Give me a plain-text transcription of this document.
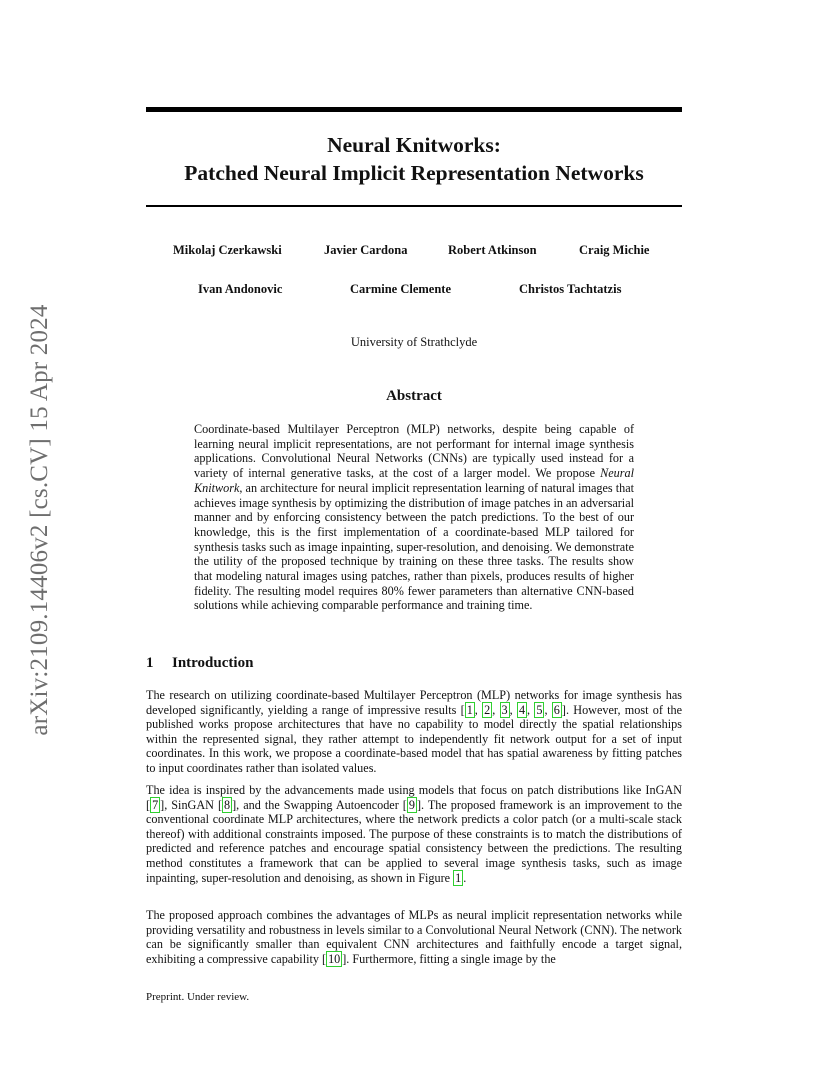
arXiv:2109.14406v2 [cs.CV] 15 Apr 2024
Neural Knitworks:
Patched Neural Implicit Representation Networks
Mikolaj Czerkawski	Javier Cardona	Robert Atkinson	Craig Michie
Ivan Andonovic	Carmine Clemente	Christos Tachtatzis
University of Strathclyde
Abstract

Coordinate-based Multilayer Perceptron (MLP) networks, despite being capable of learning neural implicit representations, are not performant for internal image synthesis applications. Convolutional Neural Networks (CNNs) are typically used instead for a variety of internal generative tasks, at the cost of a larger model. We propose Neural Knitwork, an architecture for neural implicit representation learning of natural images that achieves image synthesis by optimizing the distribution of image patches in an adversarial manner and by enforcing consistency between the patch predictions. To the best of our knowledge, this is the first implementation of a coordinate-based MLP tailored for synthesis tasks such as image inpainting, super-resolution, and denoising. We demonstrate the utility of the proposed technique by training on these three tasks. The results show that modeling natural images using patches, rather than pixels, produces results of higher fidelity. The resulting model requires 80% fewer parameters than alternative CNN-based solutions while achieving comparable performance and training time.

1 Introduction

The research on utilizing coordinate-based Multilayer Perceptron (MLP) networks for image synthesis has developed significantly, yielding a range of impressive results [ 1 , 2 , 3 , 4 , 5 , 6 ]. However, most of the published works propose architectures that have no capability to model directly the spatial relationships within the represented signal, they rather attempt to independently fit network output for a set of input coordinates. In this work, we propose a coordinate-based model that has spatial awareness by fitting patches to input coordinates rather than isolated values.

The idea is inspired by the advancements made using models that focus on patch distributions like InGAN [ 7 ], SinGAN [ 8 ], and the Swapping Autoencoder [ 9 ]. The proposed framework is an improvement to the conventional coordinate MLP architectures, where the network predicts a color patch (or a multi-scale stack thereof) with additional constraints imposed. The purpose of these constraints is to match the distributions of predicted and reference patches and encourage spatial consistency between the predictions. The resulting method constitutes a framework that can be applied to several image synthesis tasks, such as image inpainting, super-resolution and denoising, as shown in Figure 1 .

The proposed approach combines the advantages of MLPs as neural implicit representation networks while providing versatility and robustness in levels similar to a Convolutional Neural Network (CNN). The network can be significantly smaller than equivalent CNN architectures and faithfully encode a target signal, exhibiting a compressive capability [ 10 ]. Furthermore, fitting a single image by the

Preprint. Under review.
